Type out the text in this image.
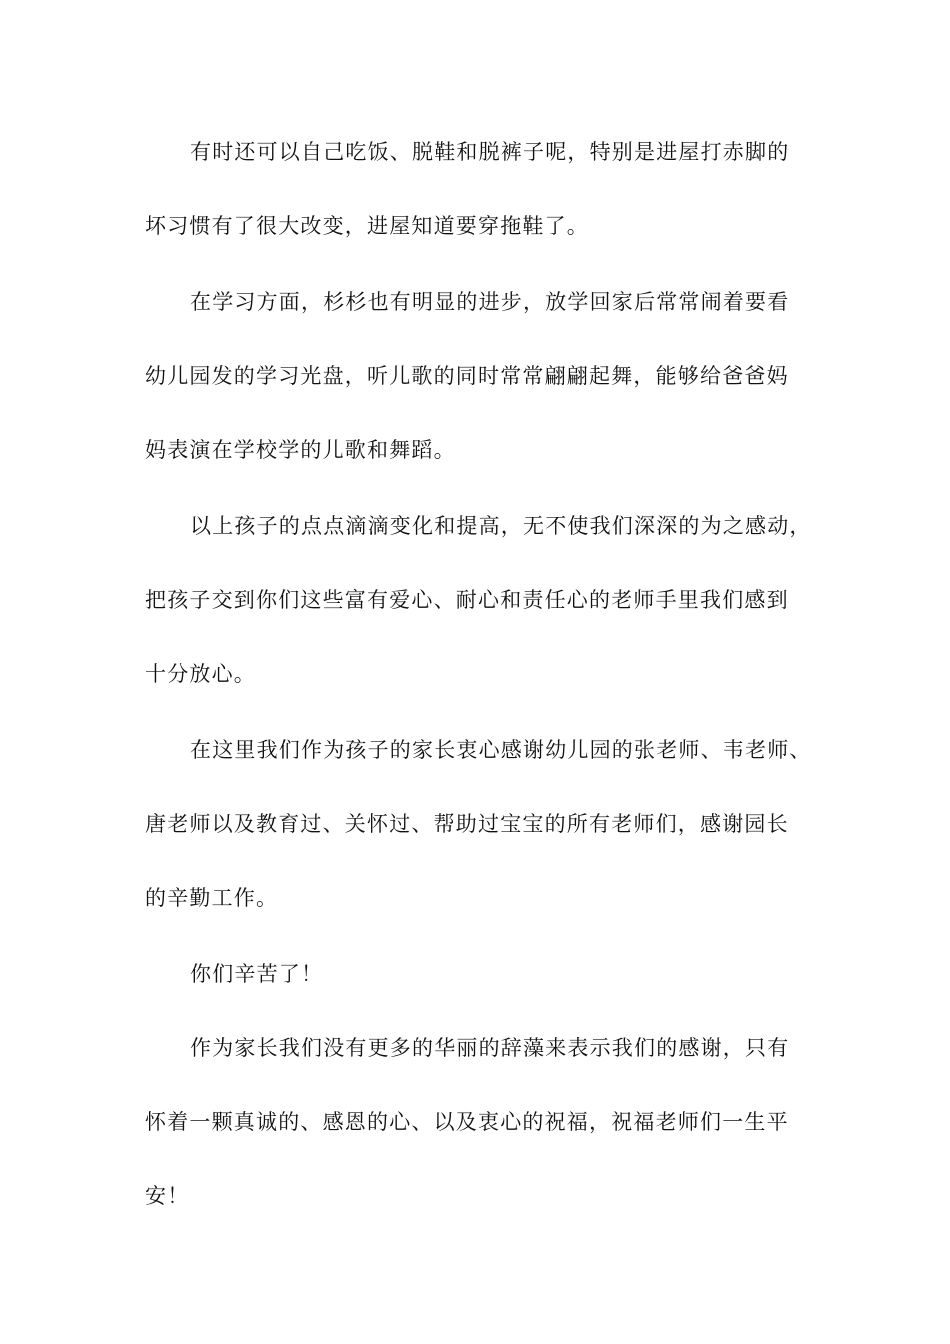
有时还可以自己吃饭、脱鞋和脱裤子呢，特别是进屋打赤脚的
坏习惯有了很大改变，进屋知道要穿拖鞋了。
在学习方面，杉杉也有明显的进步，放学回家后常常闹着要看
幼儿园发的学习光盘，听儿歌的同时常常翩翩起舞，能够给爸爸妈
妈表演在学校学的儿歌和舞蹈。
以上孩子的点点滴滴变化和提高，无不使我们深深的为之感动，
把孩子交到你们这些富有爱心、耐心和责任心的老师手里我们感到
十分放心。
在这里我们作为孩子的家长衷心感谢幼儿园的张老师、韦老师、
唐老师以及教育过、关怀过、帮助过宝宝的所有老师们，感谢园长
的辛勤工作。
你们辛苦了！
作为家长我们没有更多的华丽的辞藻来表示我们的感谢，只有
怀着一颗真诚的、感恩的心、以及衷心的祝福，祝福老师们一生平
安！
